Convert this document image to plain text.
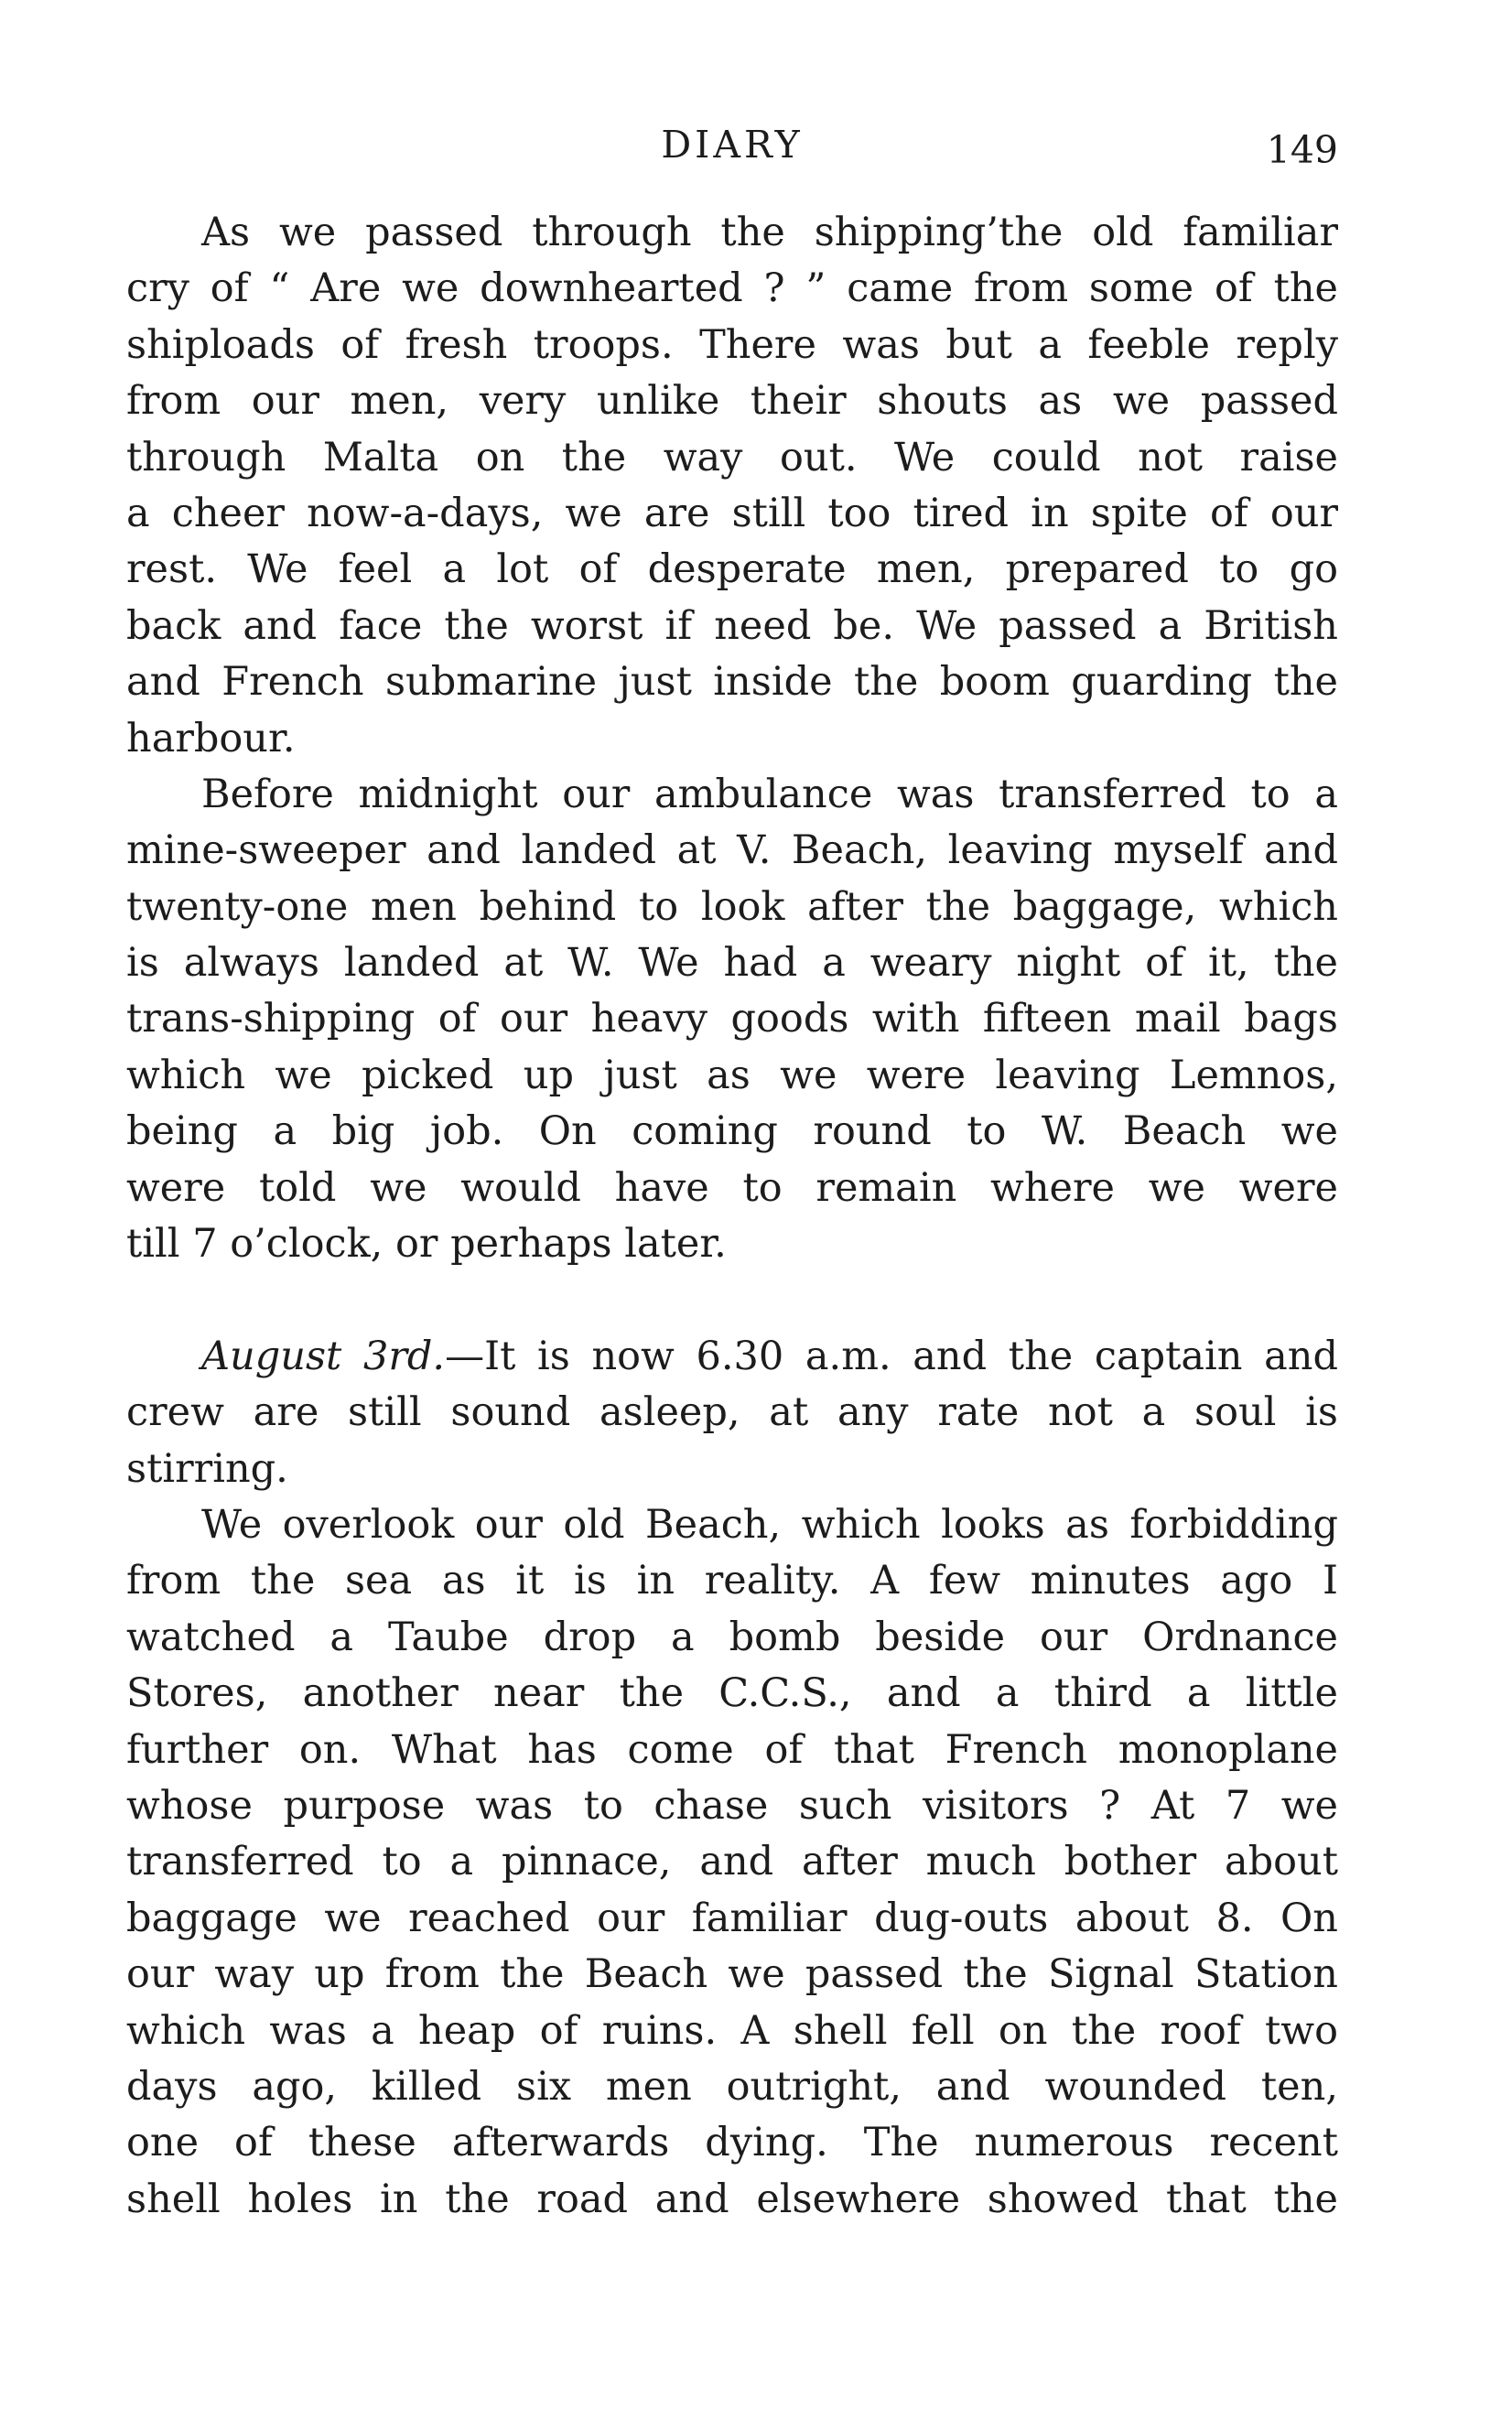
DIARY	149
As we passed through the shipping’the old familiar
cry of “ Are we downhearted ? ” came from some of the
shiploads of fresh troops. There was but a feeble reply
from our men, very unlike their shouts as we passed
through Malta on the way out. We could not raise
a cheer now-a-days, we are still too tired in spite of our
rest. We feel a lot of desperate men, prepared to go
back and face the worst if need be. We passed a British
and French submarine just inside the boom guarding the
harbour.
Before midnight our ambulance was transferred to a
mine-sweeper and landed at V. Beach, leaving myself and
twenty-one men behind to look after the baggage, which
is always landed at W. We had a weary night of it, the
trans-shipping of our heavy goods with fifteen mail bags
which we picked up just as we were leaving Lemnos,
being a big job. On coming round to W. Beach we
were told we would have to remain where we were
till 7 o’clock, or perhaps later.
August 3rd.—It is now 6.30 a.m. and the captain and
crew are still sound asleep, at any rate not a soul is
stirring.
We overlook our old Beach, which looks as forbidding
from the sea as it is in reality. A few minutes ago I
watched a Taube drop a bomb beside our Ordnance
Stores, another near the C.C.S., and a third a little
further on. What has come of that French monoplane
whose purpose was to chase such visitors ? At 7 we
transferred to a pinnace, and after much bother about
baggage we reached our familiar dug-outs about 8. On
our way up from the Beach we passed the Signal Station
which was a heap of ruins. A shell fell on the roof two
days ago, killed six men outright, and wounded ten,
one of these afterwards dying. The numerous recent
shell holes in the road and elsewhere showed that the
